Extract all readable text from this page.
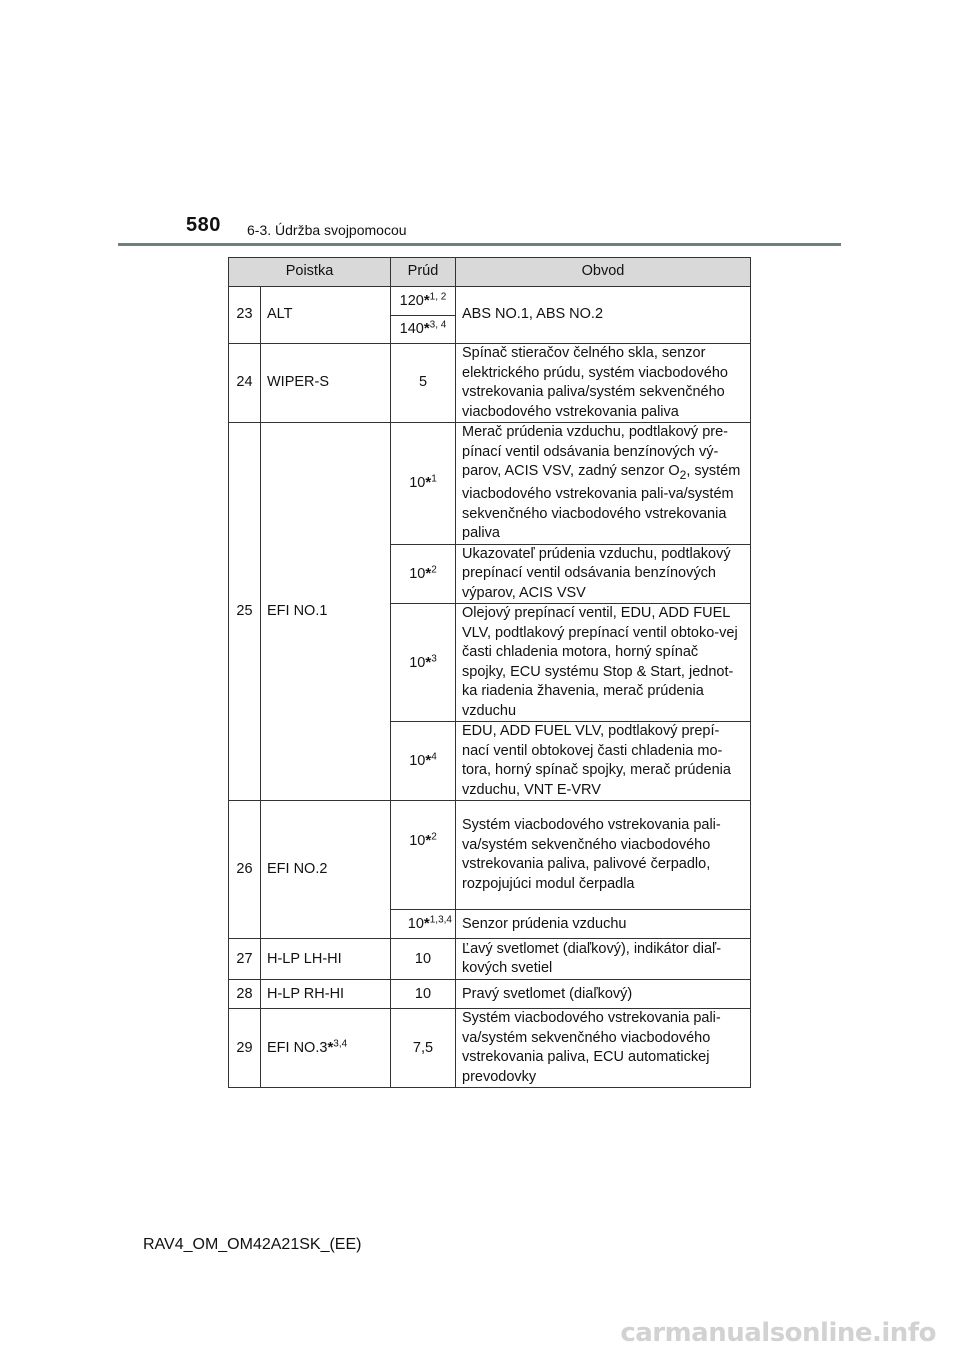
580 6-3. Údržba svojpomocou
Poistka		Prúd	Obvod
23	ALT	120*$^{1, 2}$	ABS NO.1, ABS NO.2
		140*$^{3, 4}$
24	WIPER-S	5	Spínač stieračov čelného skla, senzor elektrického prúdu, systém viacbodového vstrekovania paliva/systém sekvenčného viacbodového vstrekovania paliva
25	EFI NO.1	10*$^1$	Merač prúdenia vzduchu, podtlakový pre-pínací ventil odsávania benzínových vý-parov, ACIS VSV, zadný senzor $O_2$, systém viacbodového vstrekovania pali-va/systém sekvenčného viacbodového vstrekovania paliva
		10*$^2$	Ukazovateľ prúdenia vzduchu, podtlakový prepínací ventil odsávania benzínových výparov, ACIS VSV
		10*$^3$	Olejový prepínací ventil, EDU, ADD FUEL VLV, podtlakový prepínací ventil obtoko-vej časti chladenia motora, horný spínač spojky, ECU systému Stop & Start, jednot-ka riadenia žhavenia, merač prúdenia vzduchu
		10*$^4$	EDU, ADD FUEL VLV, podtlakový prepí-nací ventil obtokovej časti chladenia mo-tora, horný spínač spojky, merač prúdenia vzduchu, VNT E-VRV
26	EFI NO.2	10*$^2$	Systém viacbodového vstrekovania pali-va/systém sekvenčného viacbodového vstrekovania paliva, palivové čerpadlo, rozpojujúci modul čerpadla
		10*$^{1,3,4}$	Senzor prúdenia vzduchu
27	H-LP LH-HI	10	Ľavý svetlomet (diaľkový), indikátor diaľ-kových svetiel
28	H-LP RH-HI	10	Pravý svetlomet (diaľkový)
29	EFI NO.3*$^{3,4}$	7,5	Systém viacbodového vstrekovania pali-va/systém sekvenčného viacbodového vstrekovania paliva, ECU automatickej prevodovky
RAV4_OM_OM42A21SK_(EE)
carmanualsonline.info
